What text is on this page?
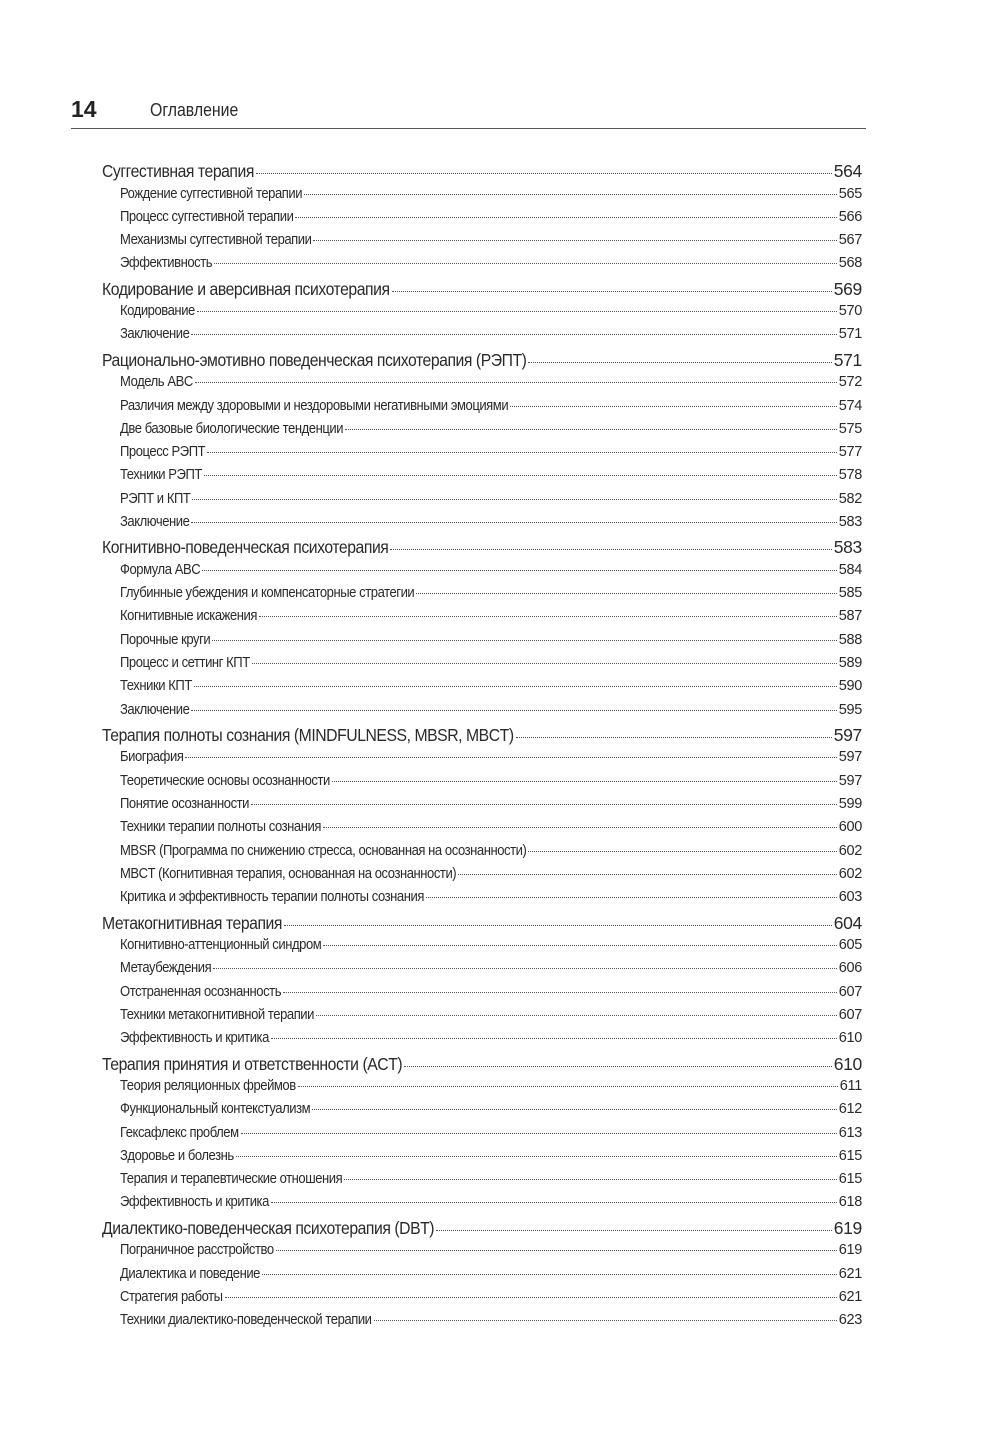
14	Оглавление
Суггестивная терапия	564
Рождение суггестивной терапии	565
Процесс суггестивной терапии	566
Механизмы суггестивной терапии	567
Эффективность	568
Кодирование и аверсивная психотерапия	569
Кодирование	570
Заключение	571
Рационально-эмотивно поведенческая психотерапия (РЭПТ)	571
Модель ABC	572
Различия между здоровыми и нездоровыми негативными эмоциями	574
Две базовые биологические тенденции	575
Процесс РЭПТ	577
Техники РЭПТ	578
РЭПТ и КПТ	582
Заключение	583
Когнитивно-поведенческая психотерапия	583
Формула ABC	584
Глубинные убеждения и компенсаторные стратегии	585
Когнитивные искажения	587
Порочные круги	588
Процесс и сеттинг КПТ	589
Техники КПТ	590
Заключение	595
Терапия полноты сознания (MINDFULNESS, MBSR, MBCT)	597
Биография	597
Теоретические основы осознанности	597
Понятие осознанности	599
Техники терапии полноты сознания	600
MBSR (Программа по снижению стресса, основанная на осознанности)	602
MBCT (Когнитивная терапия, основанная на осознанности)	602
Критика и эффективность терапии полноты сознания	603
Метакогнитивная терапия	604
Когнитивно-аттенционный синдром	605
Метаубеждения	606
Отстраненная осознанность	607
Техники метакогнитивной терапии	607
Эффективность и критика	610
Терапия принятия и ответственности (ACT)	610
Теория реляционных фреймов	611
Функциональный контекстуализм	612
Гексафлекс проблем	613
Здоровье и болезнь	615
Терапия и терапевтические отношения	615
Эффективность и критика	618
Диалектико-поведенческая психотерапия (DBT)	619
Пограничное расстройство	619
Диалектика и поведение	621
Стратегия работы	621
Техники диалектико-поведенческой терапии	623
